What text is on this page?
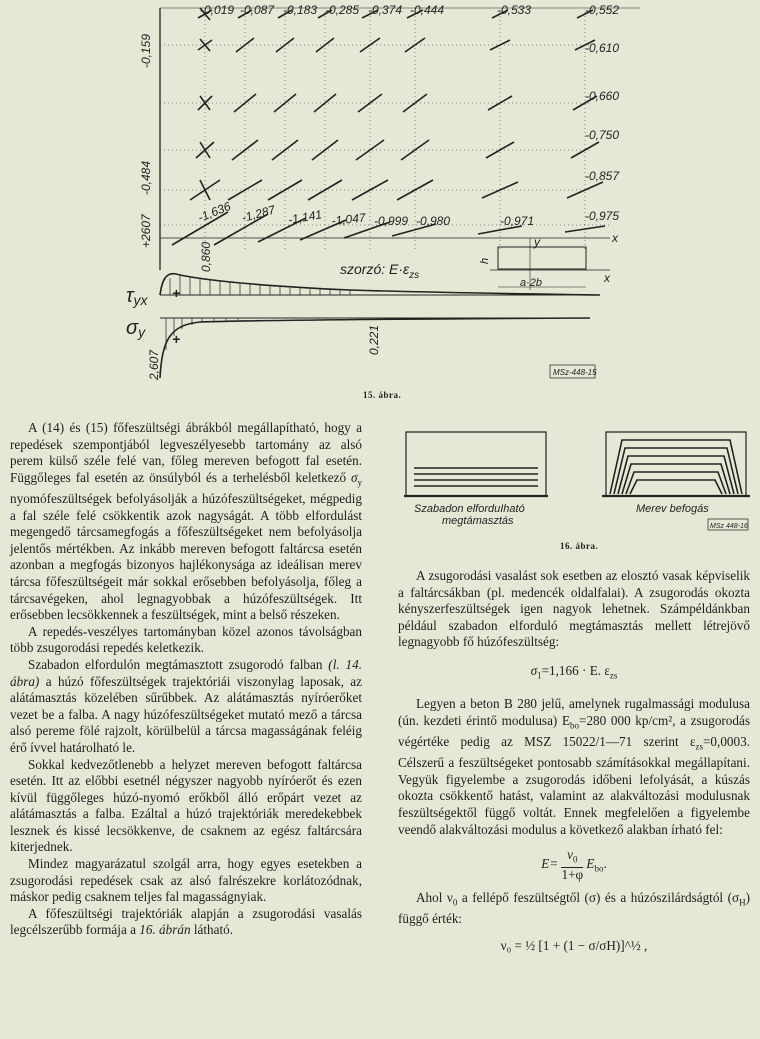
-0,019 -0,087 -0,183 -0,285 -0,374 -0,444	-0,533	-0,552
-0,610
-0,660
-0,750
-0,857
-0,975
-0,159
-0,484
+2607
-1,636 -1,287 -1,141 -1,047 -0,999 -0,980	-0,971
0,860
x
szorzó: $E\cdot\varepsilon_{zs}$
y
x
h
a·2b
τyx
σy
+
+
2,607
0,221
MSz-448-15
15. ábra.
Szabadon elforduIható
megtámasztás
Merev befogás
MSz 448-16
16. ábra.

A (14) és (15) főfeszültségi ábrákból megállapítható, hogy a repedések szempontjából legveszélyesebb tartomány az alsó perem külső széle felé van, főleg mereven befogott fal esetén. Függőleges fal esetén az önsúlyból és a terhelésből keletkező $\sigma_y$ nyomófeszültségek befolyásolják a húzófeszültségeket, mégpedig a fal széle felé csökkentik azok nagyságát. A több elfordulást megengedő tárcsamegfogás a főfeszültségeket nem befolyásolja jelentős mértékben. Az inkább mereven befogott faltárcsa esetén azonban a megfogás bizonyos hajlékonysága az ideálisan merev tárcsa főfeszültségeit már sokkal erősebben befolyásolja, főleg a tárcsavégeken, ahol legnagyobbak a húzófeszültségek. Itt erősebben lecsökkennek a feszültségek, mint a belső részeken.

A repedés-veszélyes tartományban közel azonos távolságban több zsugorodási repedés keletkezik.

Szabadon elfordulón megtámasztott zsugorodó falban (l. 14. ábra) a húzó főfeszültségek trajektóriái viszonylag laposak, az alátámasztás közelében sűrűbbek. Az alátámasztás nyíróerőket vezet be a falba. A nagy húzófeszültségeket mutató mező a tárcsa alsó pereme fölé rajzolt, körülbelül a tárcsa magasságának feléig érő ívvel határolható le.

Sokkal kedvezőtlenebb a helyzet mereven befogott faltárcsa esetén. Itt az előbbi esetnél négyszer nagyobb nyíróerőt és ezen kívül függőleges húzó-nyomó erőkből álló erőpárt vezet az alátámasztás a falba. Ezáltal a húzó trajektóriák meredekebbek lesznek és kissé lecsökkenve, de csaknem az egész faltárcsára kiterjednek.

Mindez magyarázatul szolgál arra, hogy egyes esetekben a zsugorodási repedések csak az alsó falrészekre korlátozódnak, máskor pedig csaknem teljes fal magasságnyiak.

A főfeszültségi trajektóriák alapján a zsugorodási vasalás legcélszerűbb formája a 16. ábrán látható.

A zsugorodási vasalást sok esetben az elosztó vasak képviselik a faltárcsákban (pl. medencék oldalfalai). A zsugorodás okozta kényszerfeszültségek igen nagyok lehetnek. Számpéldánkban például szabadon elforduló megtámasztás mellett létrejövő legnagyobb fő húzófeszültség:

$\sigma_1=1,166 \cdot E$. $\varepsilon_{zs}$

Legyen a beton B 280 jelű, amelynek rugalmassági modulusa (ún. kezdeti érintő modulusa) $E_{bo}=280$ 000 kp/cm², a zsugorodás végértéke pedig az MSZ 15022/1—71 szerint $\varepsilon_{zs}=0,0003$. Célszerű a feszültségeket pontosabb számításokkal megállapítani. Vegyük figyelembe a zsugorodás időbeni lefolyását, a kúszás okozta csökkentő hatást, valamint az alakváltozási modulusnak feszültségektől függő voltát. Ennek megfelelően a figyelembe veendő alakváltozási modulus a következő alakban írható fel:

$E= \frac{\nu_0}{1+\varphi} E_{bo}$.

Ahol $\nu_0$ a fellépő feszültségtől (σ) és a húzószilárdságtól $(\sigma_H)$ függő érték:

ν₀ = ½ [1 + (1 − σ/σH)]^½ ,
